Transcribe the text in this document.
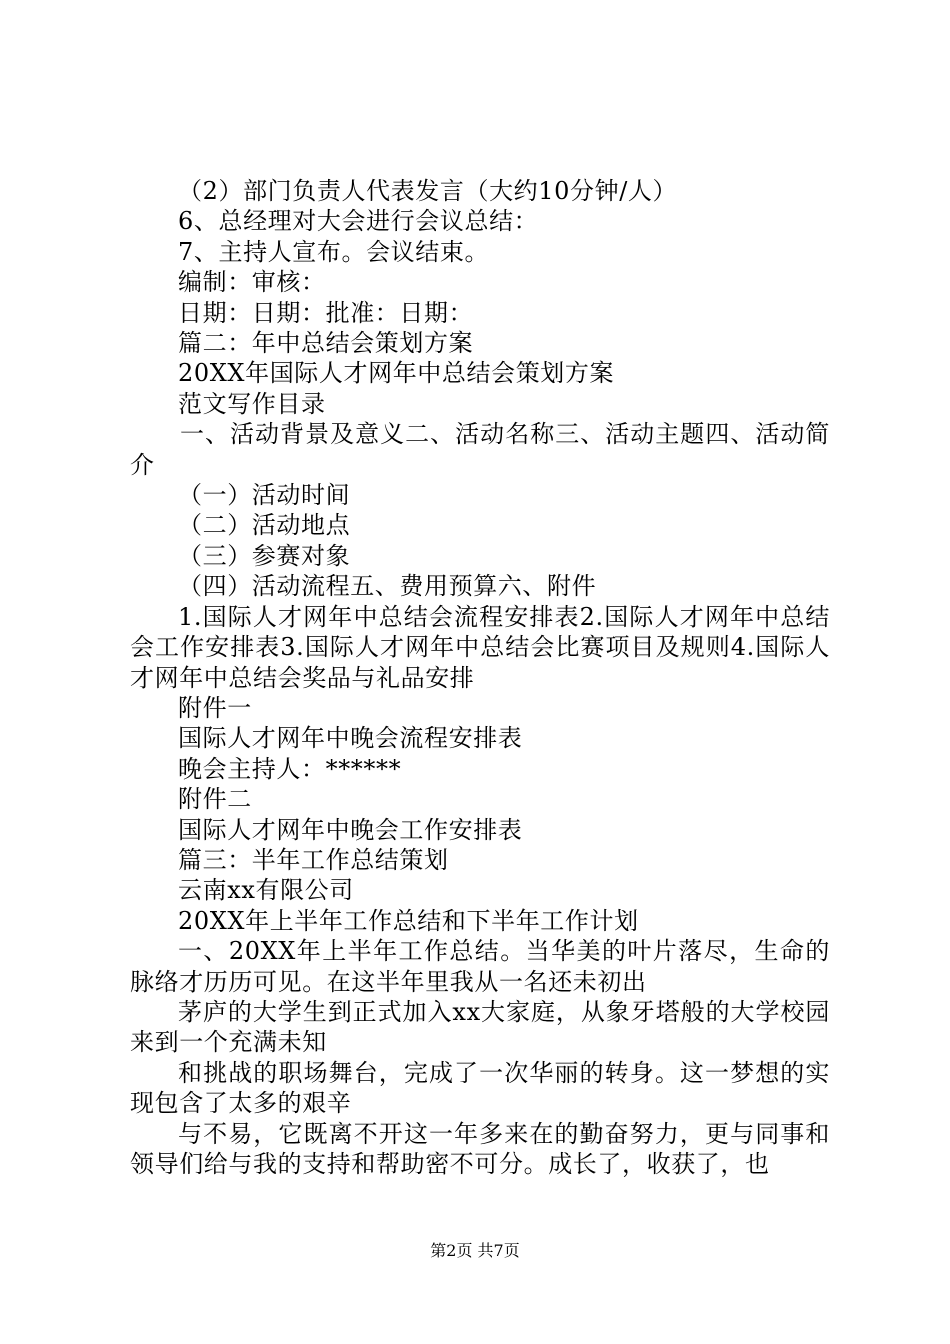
（2）部门负责人代表发言（大约10分钟/人）

6、总经理对大会进行会议总结：

7、主持人宣布。会议结束。

编制：审核：

日期：日期：批准：日期：

篇二：年中总结会策划方案

20XX年国际人才网年中总结会策划方案

范文写作目录

一、活动背景及意义二、活动名称三、活动主题四、活动简介

（一）活动时间

（二）活动地点

（三）参赛对象

（四）活动流程五、费用预算六、附件

1.国际人才网年中总结会流程安排表2.国际人才网年中总结会工作安排表3.国际人才网年中总结会比赛项目及规则4.国际人才网年中总结会奖品与礼品安排

附件一

国际人才网年中晚会流程安排表

晚会主持人：******

附件二

国际人才网年中晚会工作安排表

篇三：半年工作总结策划

云南xx有限公司

20XX年上半年工作总结和下半年工作计划

一、20XX年上半年工作总结。当华美的叶片落尽，生命的脉络才历历可见。在这半年里我从一名还未初出

茅庐的大学生到正式加入xx大家庭，从象牙塔般的大学校园来到一个充满未知

和挑战的职场舞台，完成了一次华丽的转身。这一梦想的实现包含了太多的艰辛

与不易，它既离不开这一年多来在的勤奋努力，更与同事和领导们给与我的支持和帮助密不可分。成长了，收获了，也

第2页 共7页
